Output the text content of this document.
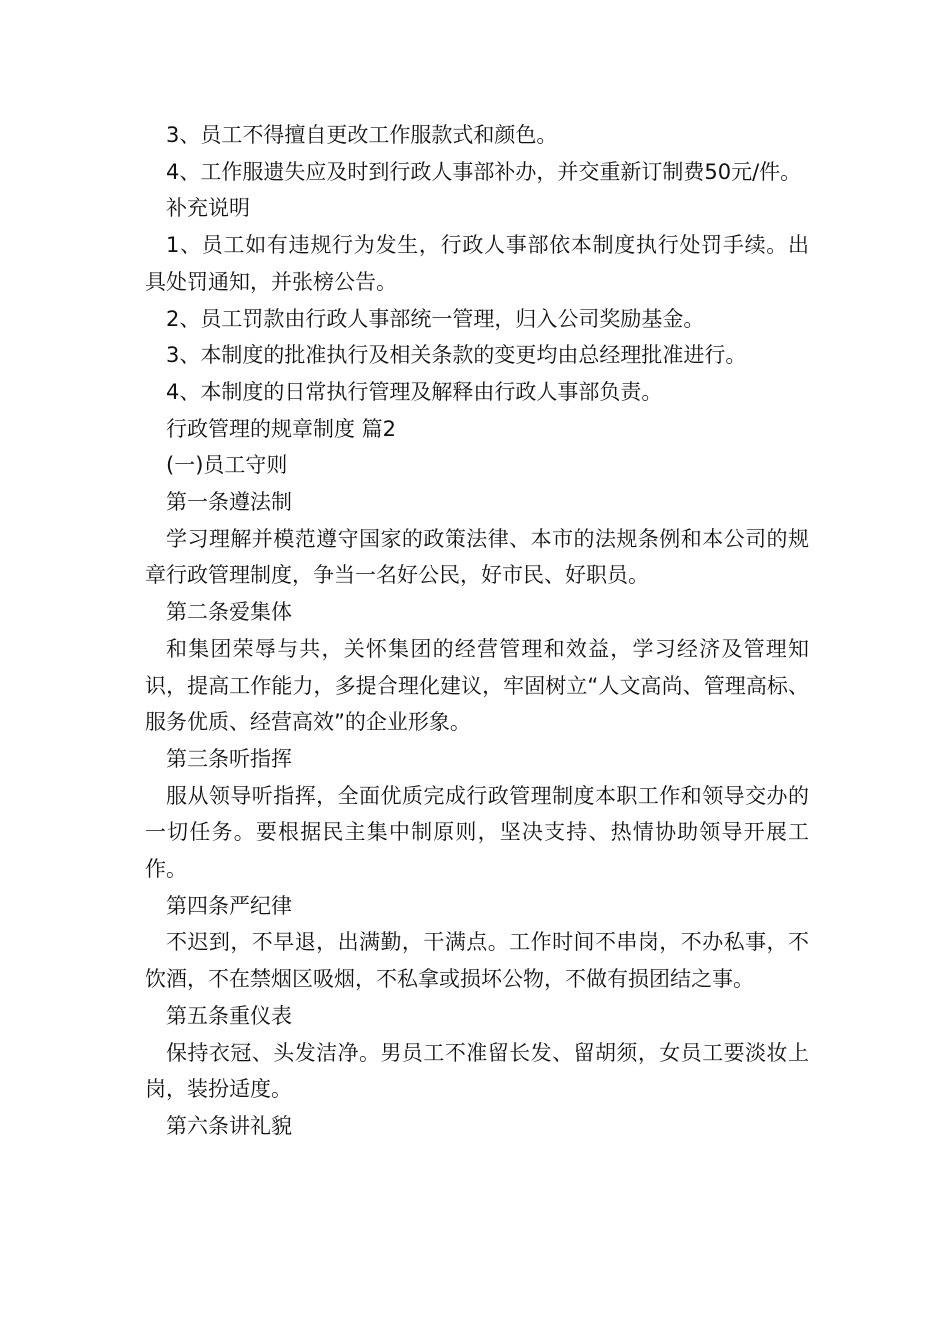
3、员工不得擅自更改工作服款式和颜色。

4、工作服遗失应及时到行政人事部补办，并交重新订制费50元/件。

补充说明

1、员工如有违规行为发生，行政人事部依本制度执行处罚手续。出具处罚通知，并张榜公告。

2、员工罚款由行政人事部统一管理，归入公司奖励基金。

3、本制度的批准执行及相关条款的变更均由总经理批准进行。

4、本制度的日常执行管理及解释由行政人事部负责。

行政管理的规章制度 篇2

(一)员工守则

第一条遵法制

学习理解并模范遵守国家的政策法律、本市的法规条例和本公司的规章行政管理制度，争当一名好公民，好市民、好职员。

第二条爱集体

和集团荣辱与共，关怀集团的经营管理和效益，学习经济及管理知识，提高工作能力，多提合理化建议，牢固树立“人文高尚、管理高标、服务优质、经营高效”的企业形象。

第三条听指挥

服从领导听指挥，全面优质完成行政管理制度本职工作和领导交办的一切任务。要根据民主集中制原则，坚决支持、热情协助领导开展工作。

第四条严纪律

不迟到，不早退，出满勤，干满点。工作时间不串岗，不办私事，不饮酒，不在禁烟区吸烟，不私拿或损坏公物，不做有损团结之事。

第五条重仪表

保持衣冠、头发洁净。男员工不准留长发、留胡须，女员工要淡妆上岗，装扮适度。

第六条讲礼貌
